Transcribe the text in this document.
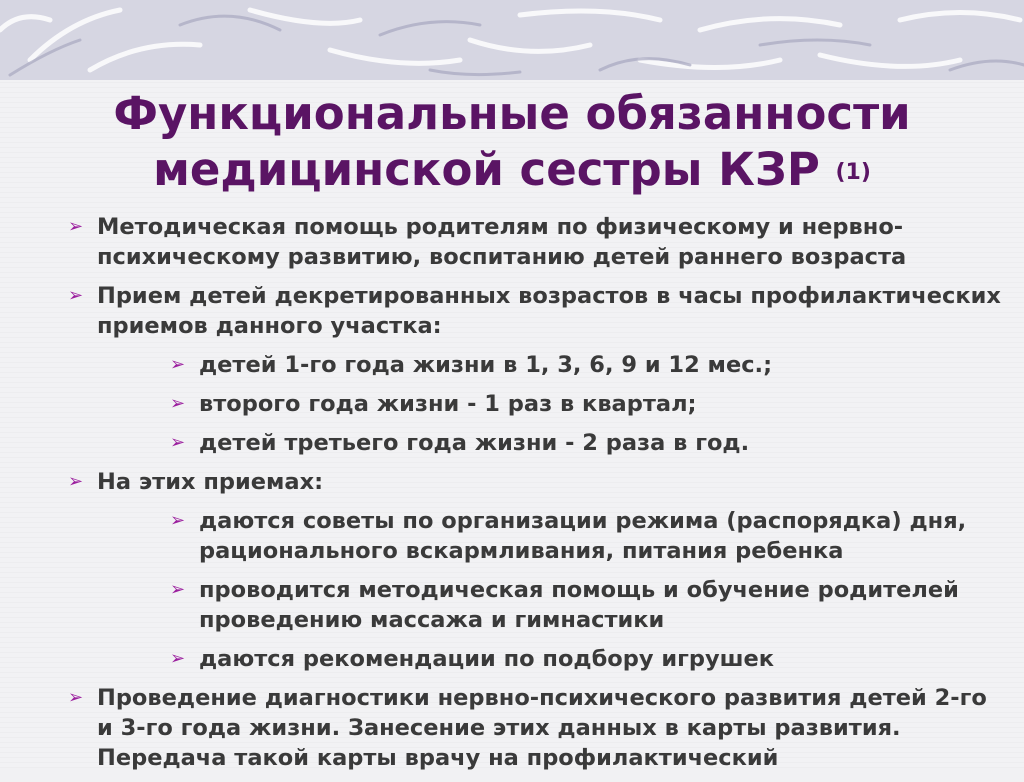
Функциональные обязанности
медицинской сестры КЗР (1)
➢ Методическая помощь родителям по физическому и нервно-психическому развитию, воспитанию детей раннего возраста
➢ Прием детей декретированных возрастов в часы профилактических приемов данного участка:
➢ детей 1-го года жизни в 1, 3, 6, 9 и 12 мес.;
➢ второго года жизни - 1 раз в квартал;
➢ детей третьего года жизни - 2 раза в год.
➢ На этих приемах:
➢ даются советы по организации режима (распорядка) дня, рационального вскармливания, питания ребенка
➢ проводится методическая помощь и обучение родителей проведению массажа и гимнастики
➢ даются рекомендации по подбору игрушек
➢ Проведение диагностики нервно-психического развития детей 2-го и 3-го года жизни. Занесение этих данных в карты развития. Передача такой карты врачу на профилактический
